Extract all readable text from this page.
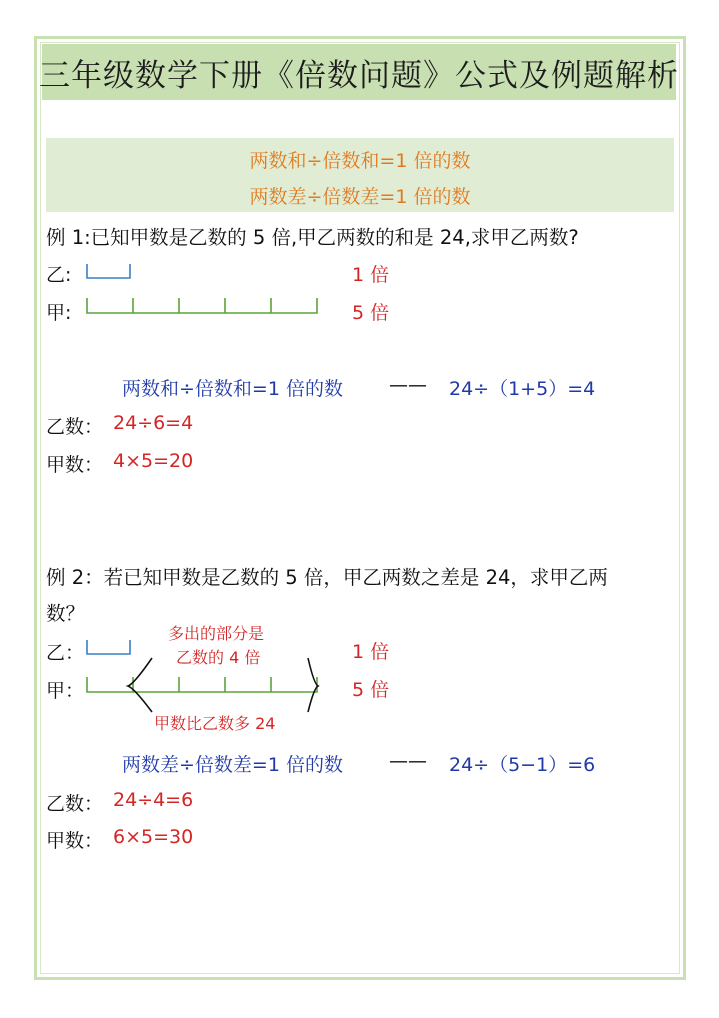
三年级数学下册《倍数问题》公式及例题解析
两数和÷倍数和=1 倍的数
两数差÷倍数差=1 倍的数
例 1:已知甲数是乙数的 5 倍,甲乙两数的和是 24,求甲乙两数?
乙:	1 倍
甲:	5 倍
两数和÷倍数和=1 倍的数 —— 24÷（1+5）=4
乙数： 24÷6=4
甲数： 4×5=20
例 2：若已知甲数是乙数的 5 倍，甲乙两数之差是 24，求甲乙两
数？
多出的部分是
乙数的 4 倍
乙：	1 倍
甲：	5 倍
甲数比乙数多 24
两数差÷倍数差=1 倍的数 —— 24÷（5−1）=6
乙数： 24÷4=6
甲数： 6×5=30
